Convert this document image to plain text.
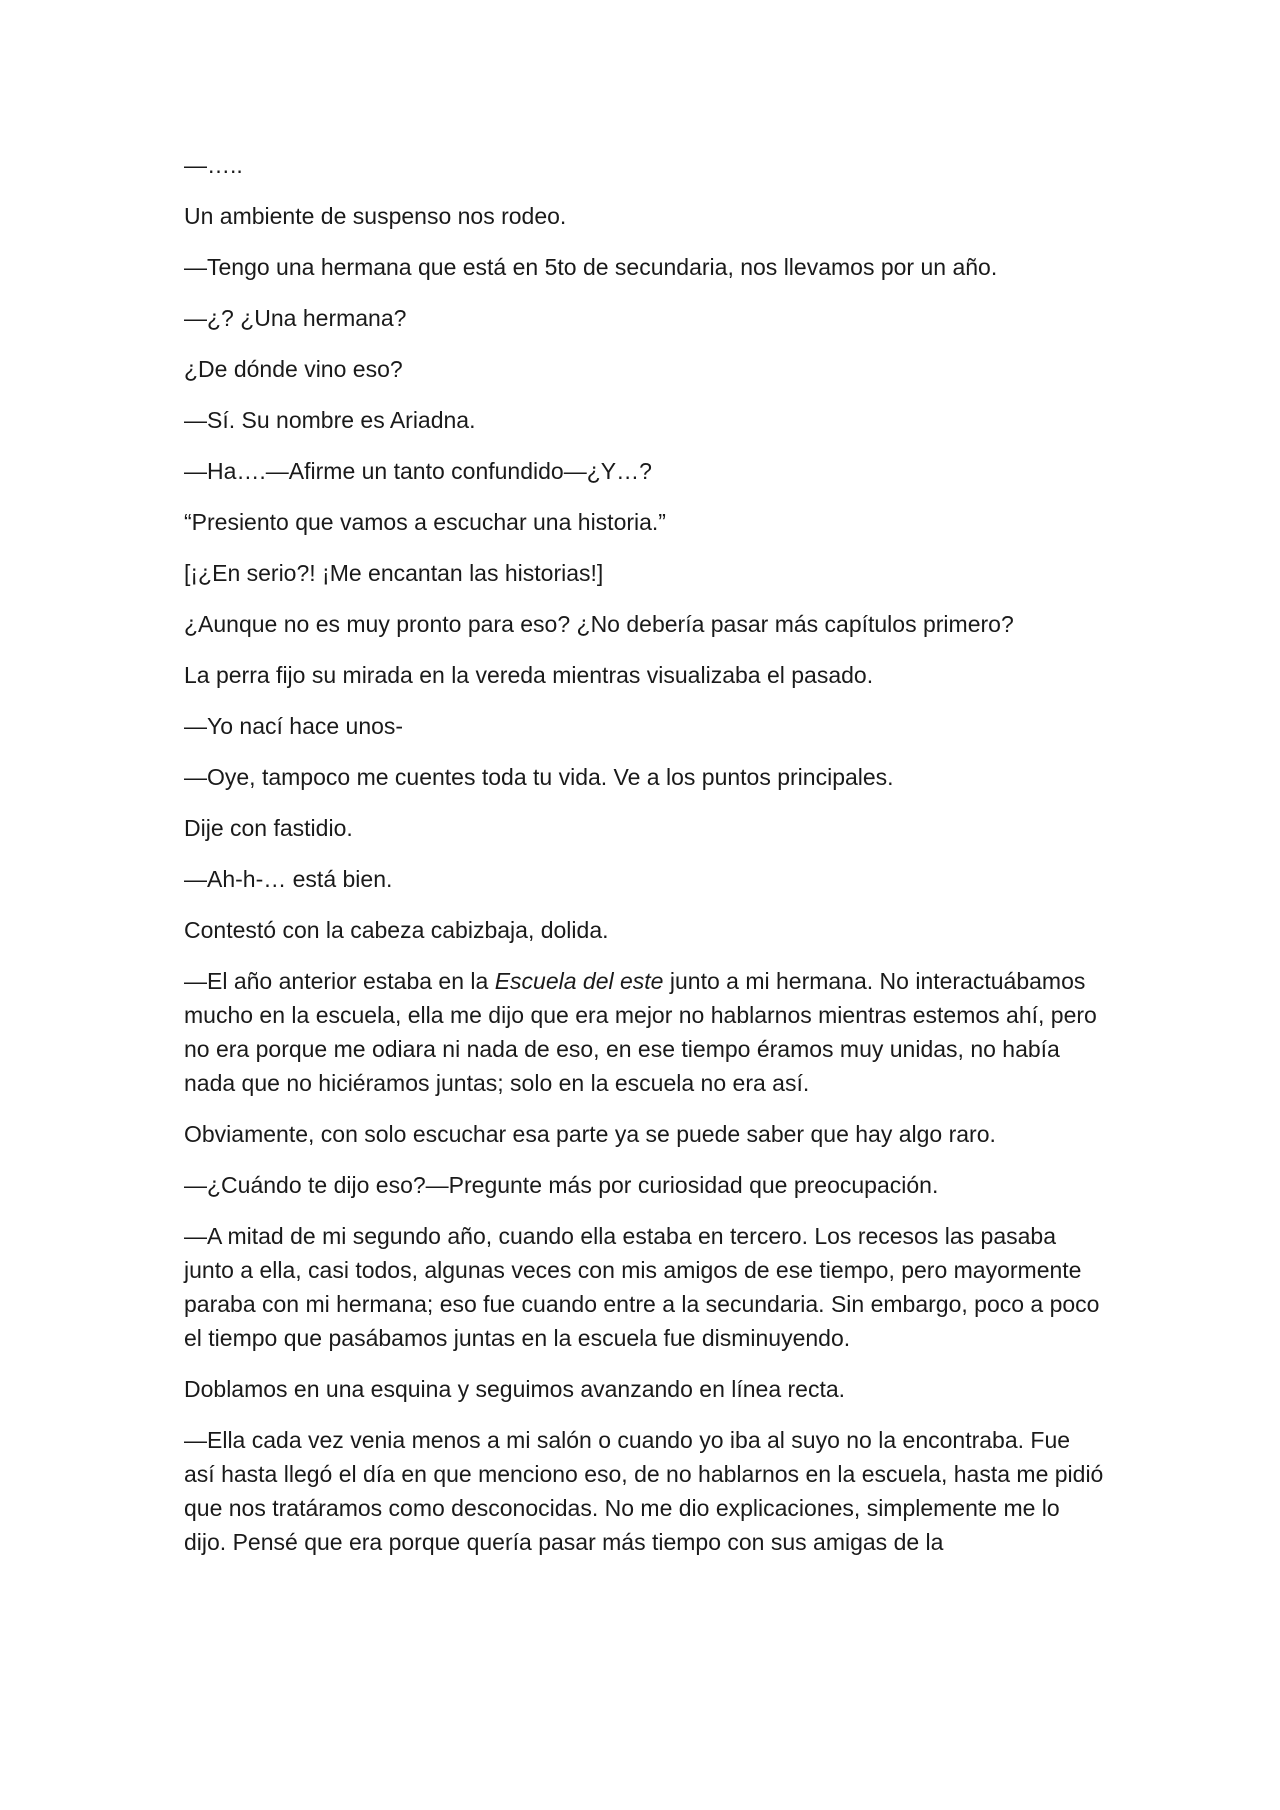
—…..

Un ambiente de suspenso nos rodeo.

—Tengo una hermana que está en 5to de secundaria, nos llevamos por un año.

—¿? ¿Una hermana?

¿De dónde vino eso?

—Sí. Su nombre es Ariadna.

—Ha….—Afirme un tanto confundido—¿Y…?

“Presiento que vamos a escuchar una historia.”

[¡¿En serio?! ¡Me encantan las historias!]

¿Aunque no es muy pronto para eso? ¿No debería pasar más capítulos primero?

La perra fijo su mirada en la vereda mientras visualizaba el pasado.

—Yo nací hace unos-

—Oye, tampoco me cuentes toda tu vida. Ve a los puntos principales.

Dije con fastidio.

—Ah-h-… está bien.

Contestó con la cabeza cabizbaja, dolida.

—El año anterior estaba en la Escuela del este junto a mi hermana. No interactuábamos mucho en la escuela, ella me dijo que era mejor no hablarnos mientras estemos ahí, pero no era porque me odiara ni nada de eso, en ese tiempo éramos muy unidas, no había nada que no hiciéramos juntas; solo en la escuela no era así.

Obviamente, con solo escuchar esa parte ya se puede saber que hay algo raro.

—¿Cuándo te dijo eso?—Pregunte más por curiosidad que preocupación.

—A mitad de mi segundo año, cuando ella estaba en tercero. Los recesos las pasaba junto a ella, casi todos, algunas veces con mis amigos de ese tiempo, pero mayormente paraba con mi hermana; eso fue cuando entre a la secundaria. Sin embargo, poco a poco el tiempo que pasábamos juntas en la escuela fue disminuyendo.

Doblamos en una esquina y seguimos avanzando en línea recta.

—Ella cada vez venia menos a mi salón o cuando yo iba al suyo no la encontraba. Fue así hasta llegó el día en que menciono eso, de no hablarnos en la escuela, hasta me pidió que nos tratáramos como desconocidas. No me dio explicaciones, simplemente me lo dijo. Pensé que era porque quería pasar más tiempo con sus amigas de la
